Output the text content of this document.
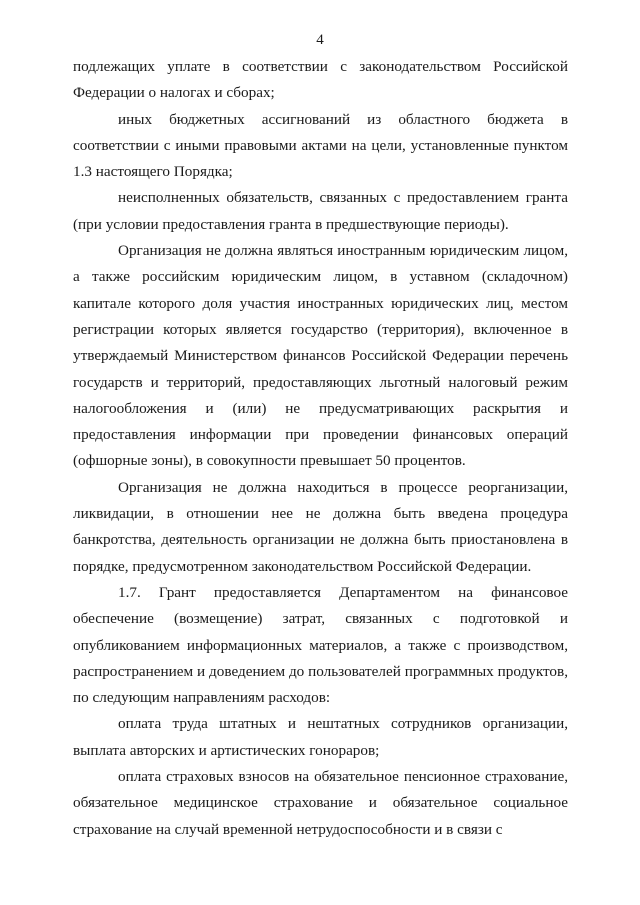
4

подлежащих уплате в соответствии с законодательством Российской Федерации о налогах и сборах;

иных бюджетных ассигнований из областного бюджета в соответствии с иными правовыми актами на цели, установленные пунктом 1.3 настоящего Порядка;

неисполненных обязательств, связанных с предоставлением гранта (при условии предоставления гранта в предшествующие периоды).

Организация не должна являться иностранным юридическим лицом, а также российским юридическим лицом, в уставном (складочном) капитале которого доля участия иностранных юридических лиц, местом регистрации которых является государство (территория), включенное в утверждаемый Министерством финансов Российской Федерации перечень государств и территорий, предоставляющих льготный налоговый режим налогообложения и (или) не предусматривающих раскрытия и предоставления информации при проведении финансовых операций (офшорные зоны), в совокупности превышает 50 процентов.

Организация не должна находиться в процессе реорганизации, ликвидации, в отношении нее не должна быть введена процедура банкротства, деятельность организации не должна быть приостановлена в порядке, предусмотренном законодательством Российской Федерации.

1.7. Грант предоставляется Департаментом на финансовое обеспечение (возмещение) затрат, связанных с подготовкой и опубликованием информационных материалов, а также с производством, распространением и доведением до пользователей программных продуктов, по следующим направлениям расходов:

оплата труда штатных и нештатных сотрудников организации, выплата авторских и артистических гонораров;

оплата страховых взносов на обязательное пенсионное страхование, обязательное медицинское страхование и обязательное социальное страхование на случай временной нетрудоспособности и в связи с
